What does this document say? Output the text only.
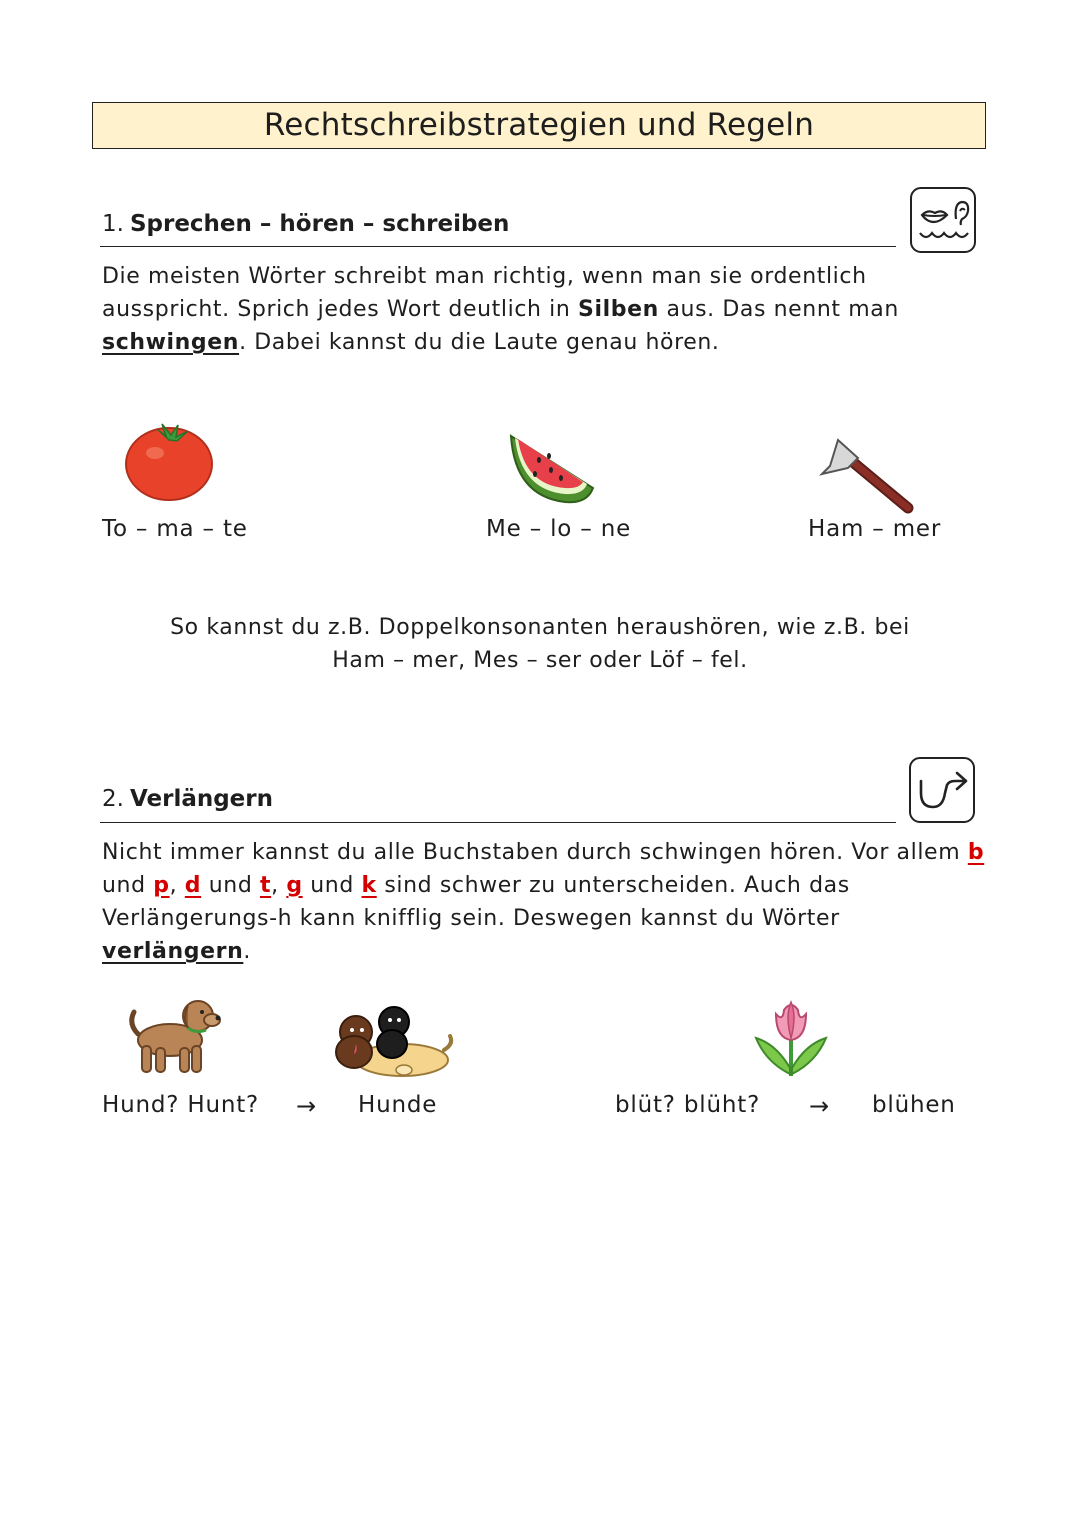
Rechtschreibstrategien und Regeln
1. Sprechen – hören – schreiben
Die meisten Wörter schreibt man richtig, wenn man sie ordentlich ausspricht. Sprich jedes Wort deutlich in Silben aus. Das nennt man schwingen. Dabei kannst du die Laute genau hören.
To – ma – te	Me – lo – ne	Ham – mer
So kannst du z.B. Doppelkonsonanten heraushören, wie z.B. bei
Ham – mer, Mes – ser oder Löf – fel.
2. Verlängern
Nicht immer kannst du alle Buchstaben durch schwingen hören. Vor allem b und p, d und t, g und k sind schwer zu unterscheiden. Auch das Verlängerungs-h kann knifflig sein. Deswegen kannst du Wörter verlängern.
Hund? Hunt? → Hunde	blüt? blüht? → blühen
